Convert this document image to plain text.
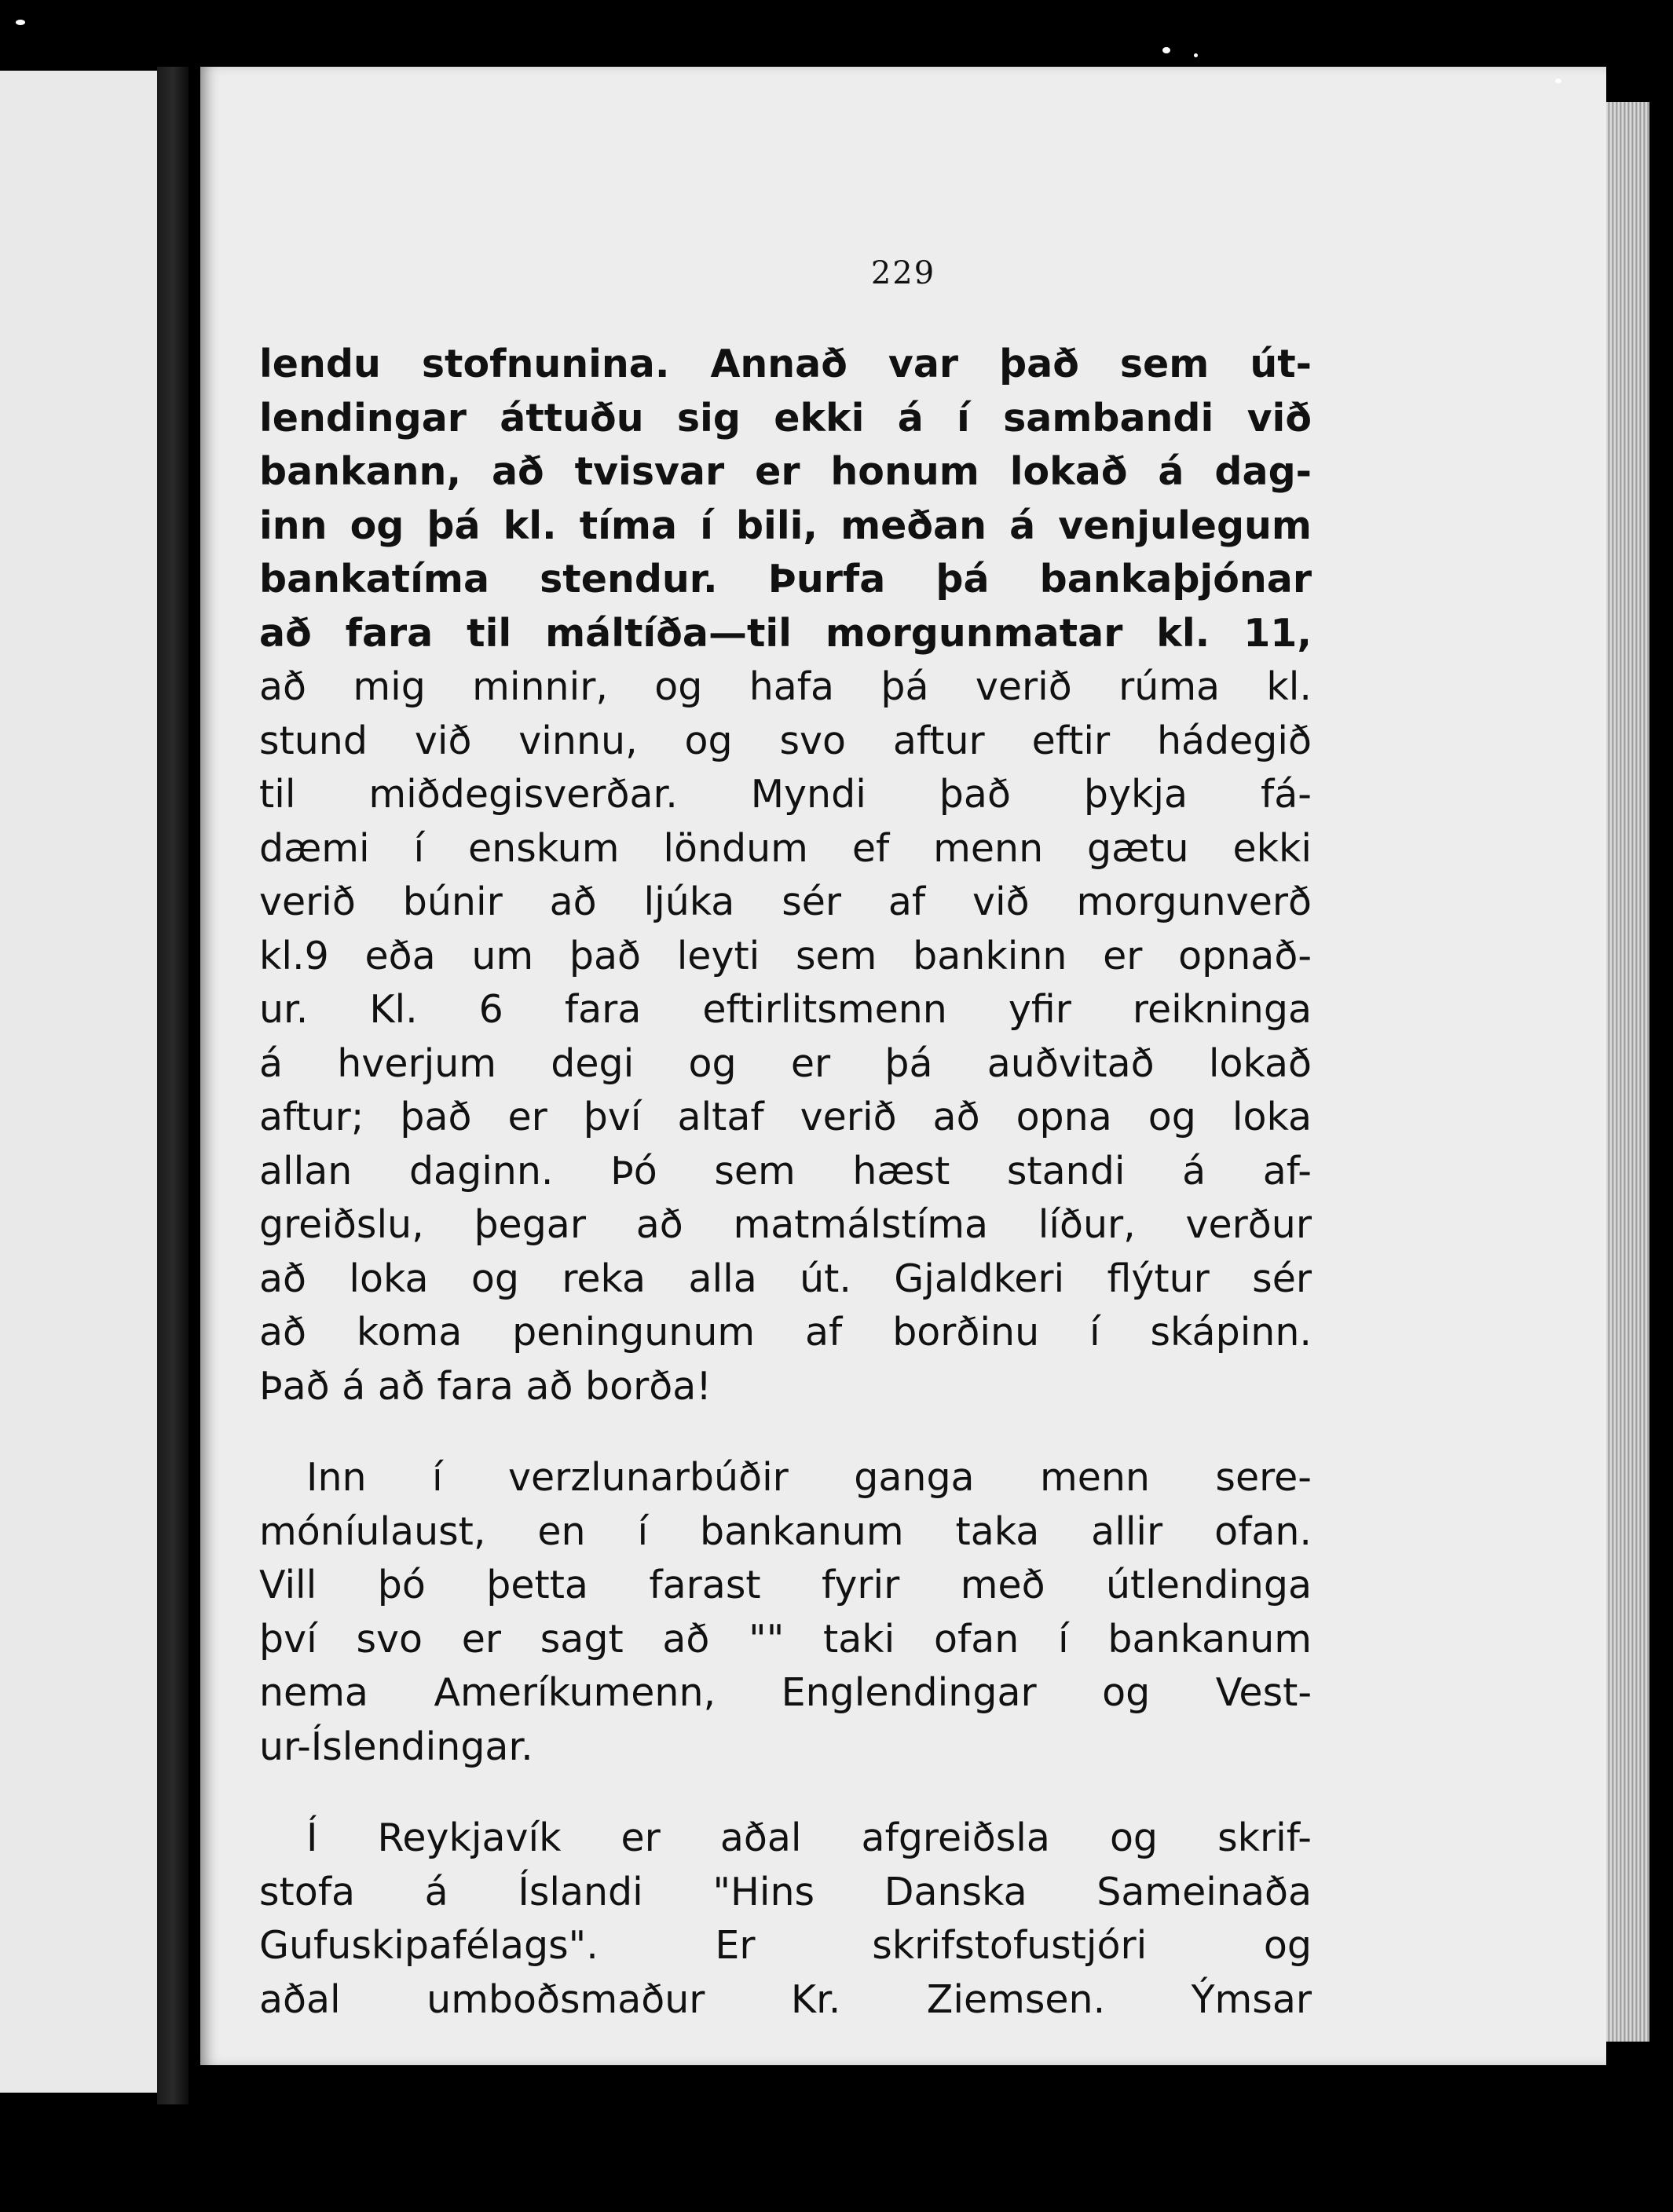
229
lendu stofnunina. Annað var það sem út-
lendingar áttuðu sig ekki á í sambandi við
bankann, að tvisvar er honum lokað á dag-
inn og þá kl. tíma í bili, meðan á venjulegum
bankatíma stendur. Þurfa þá bankaþjónar
að fara til máltíða—til morgunmatar kl. 11,
að mig minnir, og hafa þá verið rúma kl.
stund við vinnu, og svo aftur eftir hádegið
til miðdegisverðar. Myndi það þykja fá-
dæmi í enskum löndum ef menn gætu ekki
verið búnir að ljúka sér af við morgunverð
kl.9 eða um það leyti sem bankinn er opnað-
ur. Kl. 6 fara eftirlitsmenn yfir reikninga
á hverjum degi og er þá auðvitað lokað
aftur; það er því altaf verið að opna og loka
allan daginn. Þó sem hæst standi á af-
greiðslu, þegar að matmálstíma líður, verður
að loka og reka alla út. Gjaldkeri flýtur sér
að koma peningunum af borðinu í skápinn.
Það á að fara að borða!
Inn í verzlunarbúðir ganga menn sere-
móníulaust, en í bankanum taka allir ofan.
Vill þó þetta farast fyrir með útlendinga
því svo er sagt að "" taki ofan í bankanum
nema Ameríkumenn, Englendingar og Vest-
ur-Íslendingar.
Í Reykjavík er aðal afgreiðsla og skrif-
stofa á Íslandi "Hins Danska Sameinaða
Gufuskipafélags". Er skrifstofustjóri og
aðal umboðsmaður Kr. Ziemsen. Ýmsar
